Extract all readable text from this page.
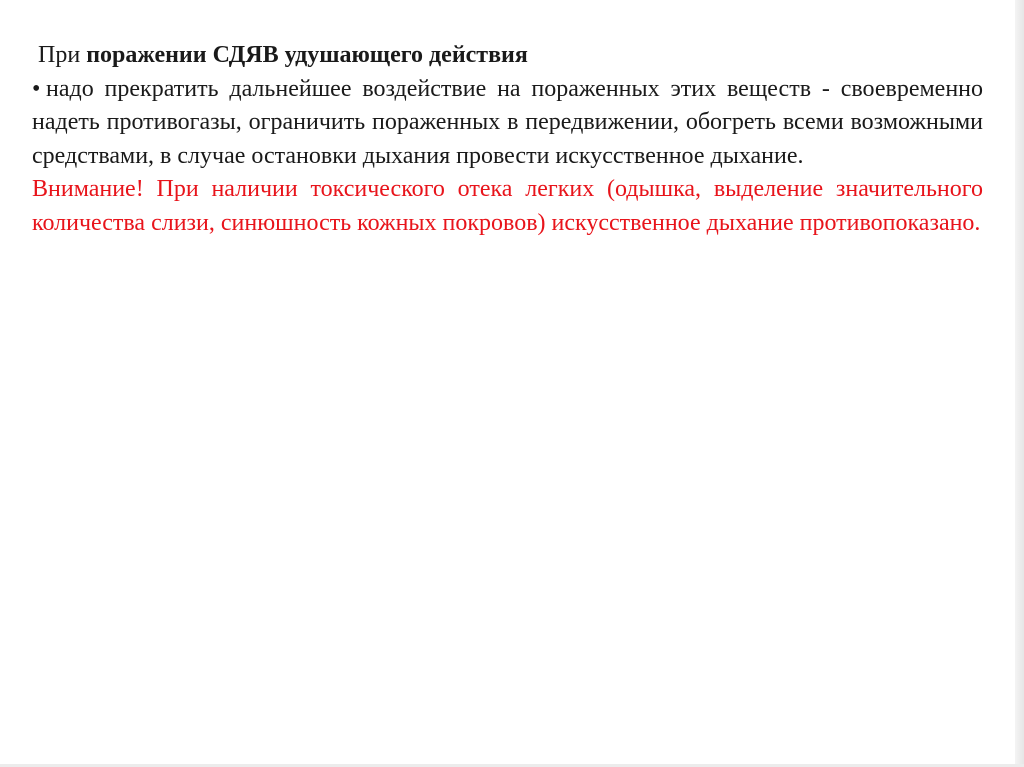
При поражении СДЯВ удушающего действия

• надо прекратить дальнейшее воздействие на пораженных этих веществ - своевременно надеть противогазы, ограничить пораженных в передвижении, обогреть всеми возможными средствами, в случае остановки дыхания провести искусственное дыхание.

Внимание! При наличии токсического отека легких (одышка, выделение значительного количества слизи, синюшность кожных покровов) искусственное дыхание противопоказано.
